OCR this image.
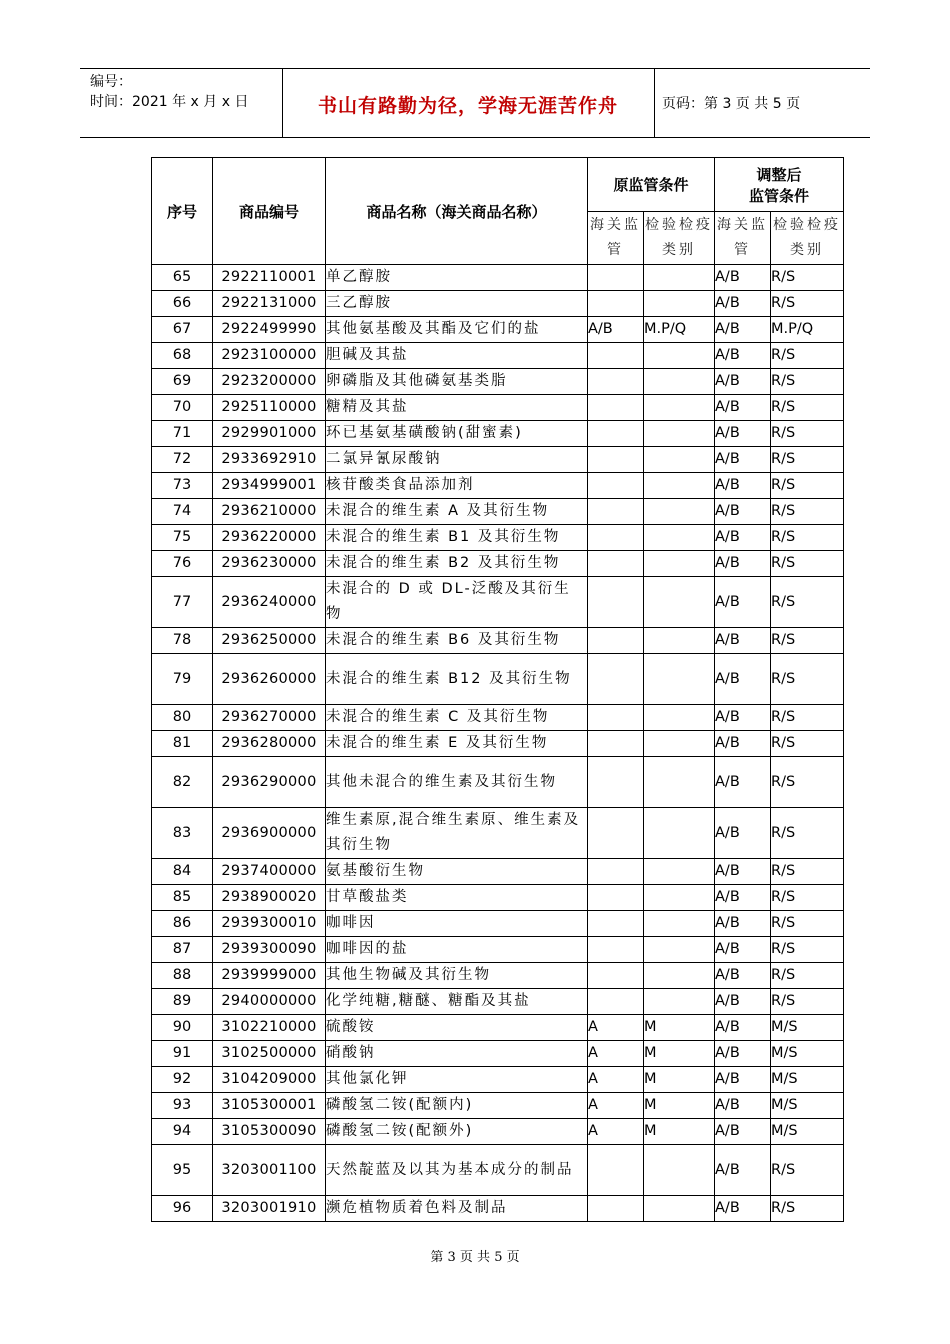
编号：
时间：2021 年 x 月 x 日	书山有路勤为径，学海无涯苦作舟	页码：第 3 页 共 5 页
序号	商品编号	商品名称（海关商品名称）	原监管条件		调整后
监管条件	

			海关监管	检验检疫类别	海关监管	检验检疫类别
65	2922110001	单乙醇胺			A/B	R/S
66	2922131000	三乙醇胺			A/B	R/S
67	2922499990	其他氨基酸及其酯及它们的盐	A/B	M.P/Q	A/B	M.P/Q
68	2923100000	胆碱及其盐			A/B	R/S
69	2923200000	卵磷脂及其他磷氨基类脂			A/B	R/S
70	2925110000	糖精及其盐			A/B	R/S
71	2929901000	环已基氨基磺酸钠(甜蜜素)			A/B	R/S
72	2933692910	二氯异氰尿酸钠			A/B	R/S
73	2934999001	核苷酸类食品添加剂			A/B	R/S
74	2936210000	未混合的维生素 A 及其衍生物			A/B	R/S
75	2936220000	未混合的维生素 B1 及其衍生物			A/B	R/S
76	2936230000	未混合的维生素 B2 及其衍生物			A/B	R/S
77	2936240000	未混合的 D 或 DL-泛酸及其衍生物			A/B	R/S
78	2936250000	未混合的维生素 B6 及其衍生物			A/B	R/S
79	2936260000	未混合的维生素 B12 及其衍生物			A/B	R/S
80	2936270000	未混合的维生素 C 及其衍生物			A/B	R/S
81	2936280000	未混合的维生素 E 及其衍生物			A/B	R/S
82	2936290000	其他未混合的维生素及其衍生物			A/B	R/S
83	2936900000	维生素原,混合维生素原、维生素及其衍生物			A/B	R/S
84	2937400000	氨基酸衍生物			A/B	R/S
85	2938900020	甘草酸盐类			A/B	R/S
86	2939300010	咖啡因			A/B	R/S
87	2939300090	咖啡因的盐			A/B	R/S
88	2939999000	其他生物碱及其衍生物			A/B	R/S
89	2940000000	化学纯糖,糖醚、糖酯及其盐			A/B	R/S
90	3102210000	硫酸铵	A	M	A/B	M/S
91	3102500000	硝酸钠	A	M	A/B	M/S
92	3104209000	其他氯化钾	A	M	A/B	M/S
93	3105300001	磷酸氢二铵(配额内)	A	M	A/B	M/S
94	3105300090	磷酸氢二铵(配额外)	A	M	A/B	M/S
95	3203001100	天然靛蓝及以其为基本成分的制品			A/B	R/S
96	3203001910	濒危植物质着色料及制品			A/B	R/S
第 3 页 共 5 页
